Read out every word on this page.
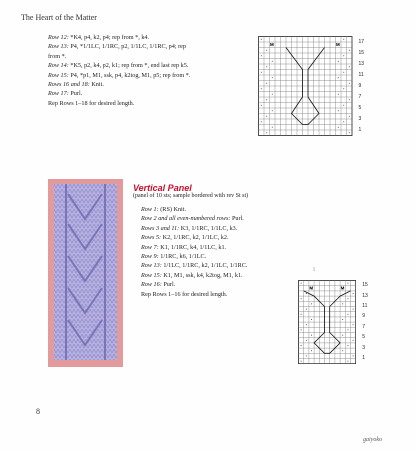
The Heart of the Matter
Row 12: *K4, p4, k2, p4; rep from *, k4.
Row 13: P4, *1/1LC, 1/1RC, p2, 1/1LC, 1/1RC, p4; rep
from *.
Row 14: *K5, p2, k4, p2, k1; rep from *, end last rep k5.
Row 15: P4, *p1, M1, ssk, p4, k2tog, M1, p5; rep from *.
Rows 16 and 18: Knit.
Row 17: Purl.
Rep Rows 1–18 for desired length.
M	M	17
15
13
11
9
7
5
3
1
Vertical Panel
(panel of 10 sts; sample bordered with rev St st)
Row 1: (RS) Knit.
Row 2 and all even-numbered rows: Purl.
Rows 3 and 11: K3, 1/1RC, 1/1LC, k3.
Rows 5: K2, 1/1RC, k2, 1/1LC, k2.
Row 7: K1, 1/1RC, k4, 1/1LC, k1.
Row 9: 1/1RC, k6, 1/1LC.
Row 13: 1/1LC, 1/1RC, k2, 1/1LC, 1/1RC.
Row 15: K1, M1, ssk, k4, k2tog, M1, k1.
Row 16: Purl.
Rep Rows 1–16 for desired length.
ɩ
M	M	15
13
11
9
7
5
3
1
8
gaiyoko
